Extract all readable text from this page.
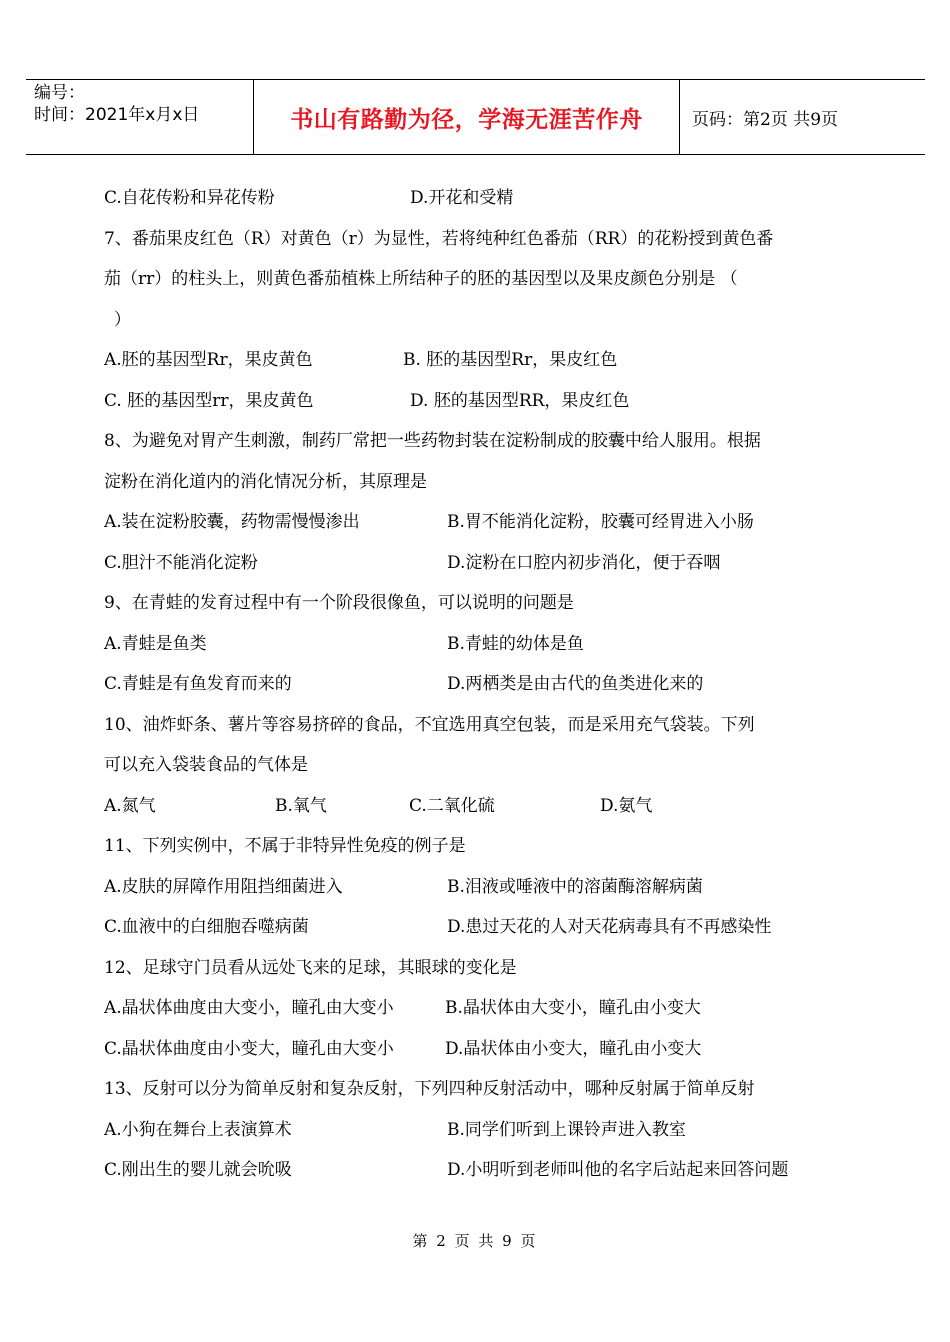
编号：
时间：2021年x月x日	书山有路勤为径，学海无涯苦作舟	页码：第2页 共9页
C.自花传粉和异花传粉	D.开花和受精
7、番茄果皮红色（R）对黄色（r）为显性，若将纯种红色番茄（RR）的花粉授到黄色番
茄（rr）的柱头上，则黄色番茄植株上所结种子的胚的基因型以及果皮颜色分别是 （
）
A.胚的基因型Rr，果皮黄色	B. 胚的基因型Rr，果皮红色
C. 胚的基因型rr，果皮黄色	D. 胚的基因型RR，果皮红色
8、为避免对胃产生刺激，制药厂常把一些药物封装在淀粉制成的胶囊中给人服用。根据
淀粉在消化道内的消化情况分析，其原理是
A.装在淀粉胶囊，药物需慢慢渗出	B.胃不能消化淀粉，胶囊可经胃进入小肠
C.胆汁不能消化淀粉	D.淀粉在口腔内初步消化，便于吞咽
9、在青蛙的发育过程中有一个阶段很像鱼，可以说明的问题是
A.青蛙是鱼类	B.青蛙的幼体是鱼
C.青蛙是有鱼发育而来的	D.两栖类是由古代的鱼类进化来的
10、油炸虾条、薯片等容易挤碎的食品，不宜选用真空包装，而是采用充气袋装。下列
可以充入袋装食品的气体是
A.氮气	B.氧气	C.二氧化硫	D.氨气
11、下列实例中，不属于非特异性免疫的例子是
A.皮肤的屏障作用阻挡细菌进入	B.泪液或唾液中的溶菌酶溶解病菌
C.血液中的白细胞吞噬病菌	D.患过天花的人对天花病毒具有不再感染性
12、足球守门员看从远处飞来的足球，其眼球的变化是
A.晶状体曲度由大变小，瞳孔由大变小	B.晶状体由大变小，瞳孔由小变大
C.晶状体曲度由小变大，瞳孔由大变小	D.晶状体由小变大，瞳孔由小变大
13、反射可以分为简单反射和复杂反射，下列四种反射活动中，哪种反射属于简单反射
A.小狗在舞台上表演算术	B.同学们听到上课铃声进入教室
C.刚出生的婴儿就会吮吸	D.小明听到老师叫他的名字后站起来回答问题
第 2 页 共 9 页
